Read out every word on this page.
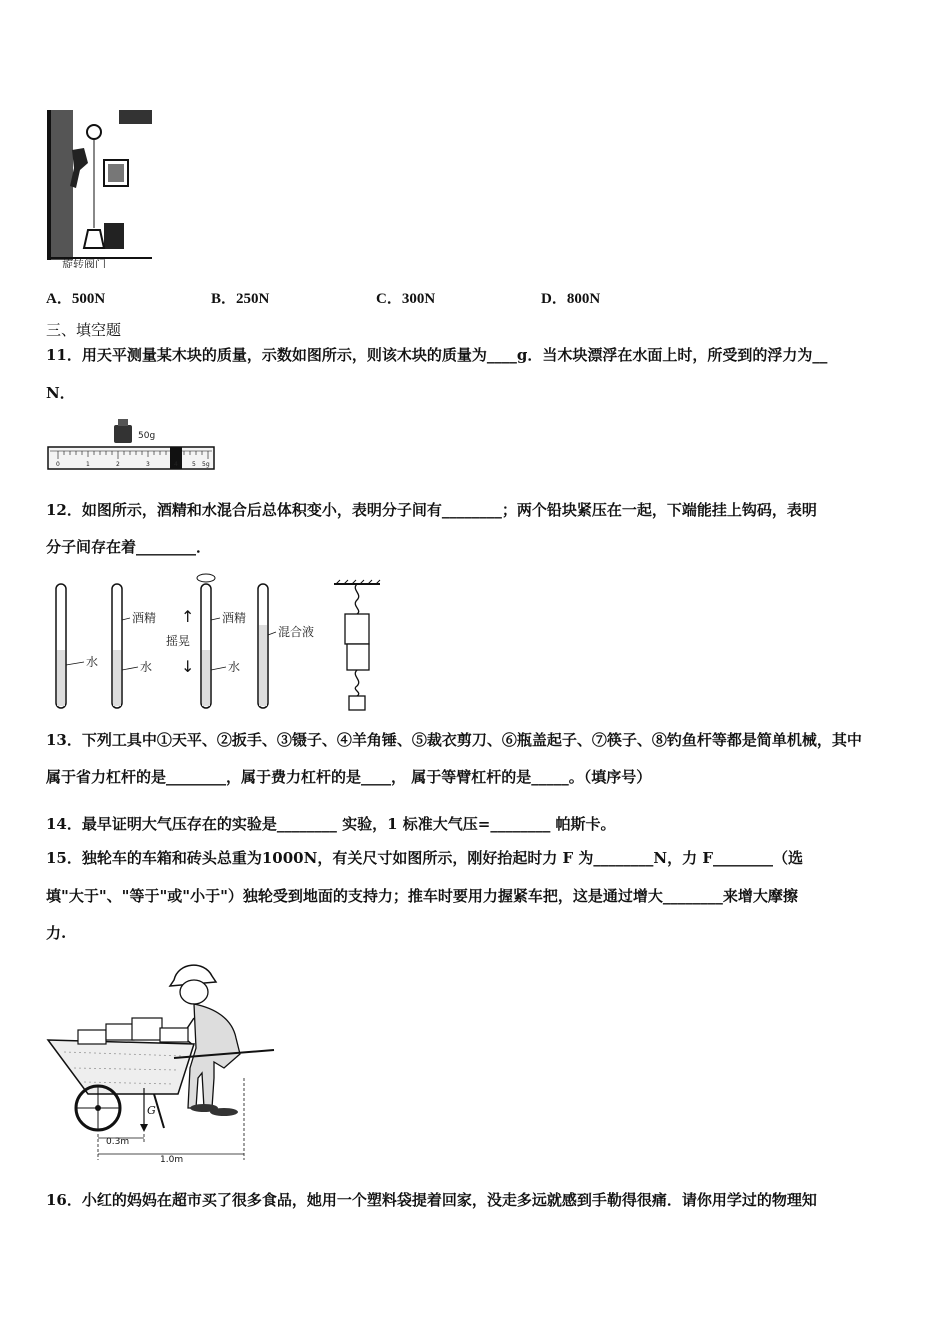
旋转阀门
A．500N	B．250N	C．300N	D．800N
三、填空题
11．用天平测量某木块的质量，示数如图所示，则该木块的质量为____g．当木块漂浮在水面上时，所受到的浮力为__
N．
50g
0	1	2	3	4 5 5g
12．如图所示，酒精和水混合后总体积变小，表明分子间有________；两个铅块紧压在一起，下端能挂上钩码，表明
分子间存在着________．
水
酒精
水
↑
摇晃
↓
酒精
水
混合液
13．下列工具中①天平、②扳手、③镊子、④羊角锤、⑤裁衣剪刀、⑥瓶盖起子、⑦筷子、⑧钓鱼杆等都是简单机械，其中
属于省力杠杆的是________，属于费力杠杆的是____， 属于等臂杠杆的是_____。（填序号）
14．最早证明大气压存在的实验是________ 实验，1 标准大气压=________ 帕斯卡。
15．独轮车的车箱和砖头总重为1000N，有关尺寸如图所示，刚好抬起时力 F 为________N，力 F________（选
填"大于"、"等于"或"小于"）独轮受到地面的支持力；推车时要用力握紧车把，这是通过增大________来增大摩擦
力.
G
0.3m
1.0m
16．小红的妈妈在超市买了很多食品，她用一个塑料袋提着回家，没走多远就感到手勒得很痛．请你用学过的物理知
